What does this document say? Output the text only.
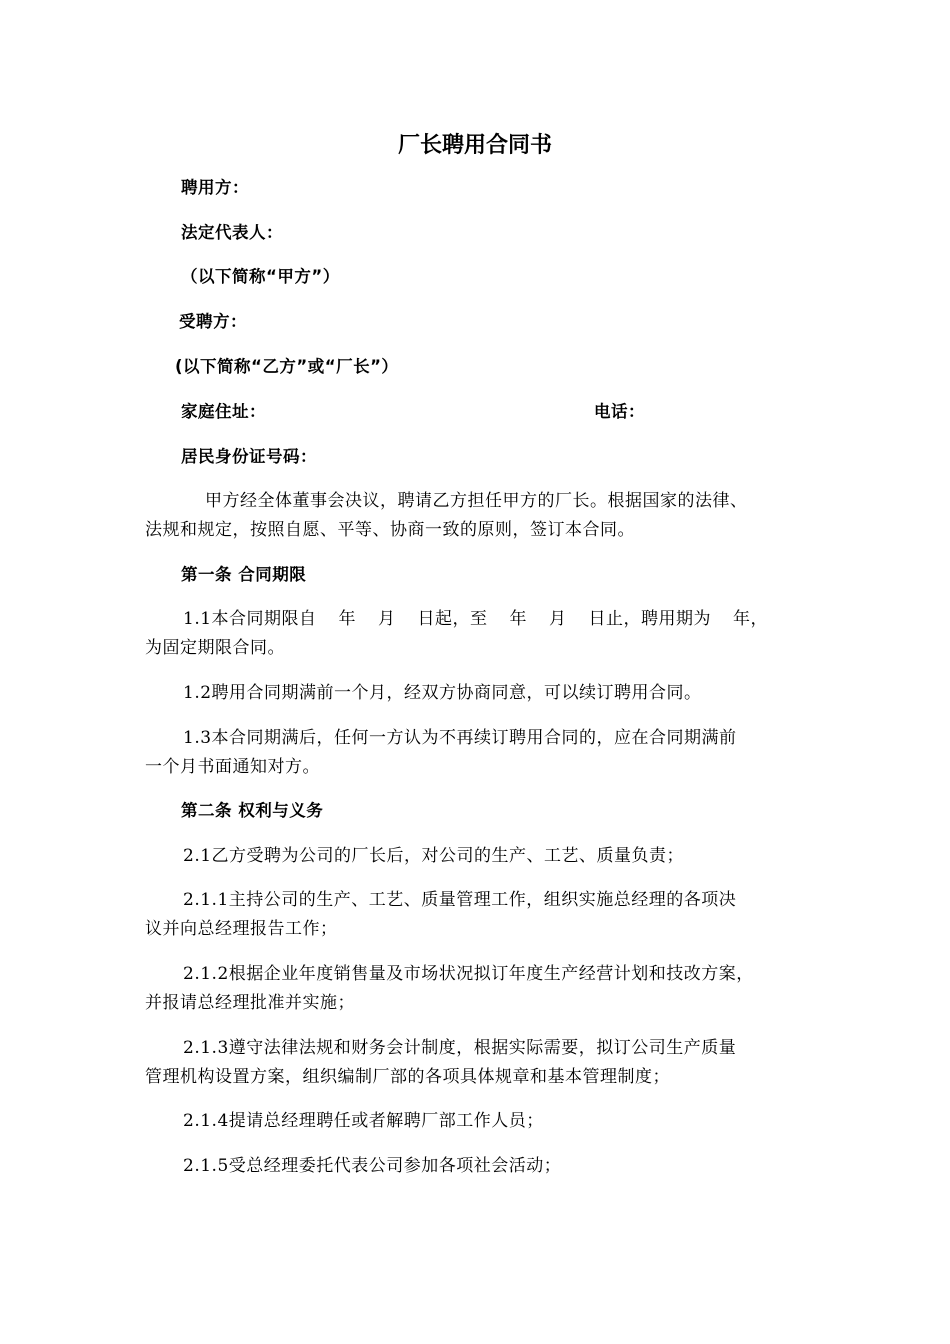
厂长聘用合同书
聘用方：
法定代表人：
（以下简称“甲方”）
受聘方：
(以下简称“乙方”或“厂长”）
家庭住址：	电话：
居民身份证号码：
甲方经全体董事会决议，聘请乙方担任甲方的厂长。根据国家的法律、
法规和规定，按照自愿、平等、协商一致的原则，签订本合同。
第一条 合同期限
1.1本合同期限自 年 月 日起，至 年 月 日止，聘用期为 年，
为固定期限合同。
1.2聘用合同期满前一个月，经双方协商同意，可以续订聘用合同。
1.3本合同期满后，任何一方认为不再续订聘用合同的，应在合同期满前
一个月书面通知对方。
第二条 权利与义务
2.1乙方受聘为公司的厂长后，对公司的生产、工艺、质量负责；
2.1.1主持公司的生产、工艺、质量管理工作，组织实施总经理的各项决
议并向总经理报告工作；
2.1.2根据企业年度销售量及市场状况拟订年度生产经营计划和技改方案，
并报请总经理批准并实施；
2.1.3遵守法律法规和财务会计制度，根据实际需要，拟订公司生产质量
管理机构设置方案，组织编制厂部的各项具体规章和基本管理制度；
2.1.4提请总经理聘任或者解聘厂部工作人员；
2.1.5受总经理委托代表公司参加各项社会活动；
